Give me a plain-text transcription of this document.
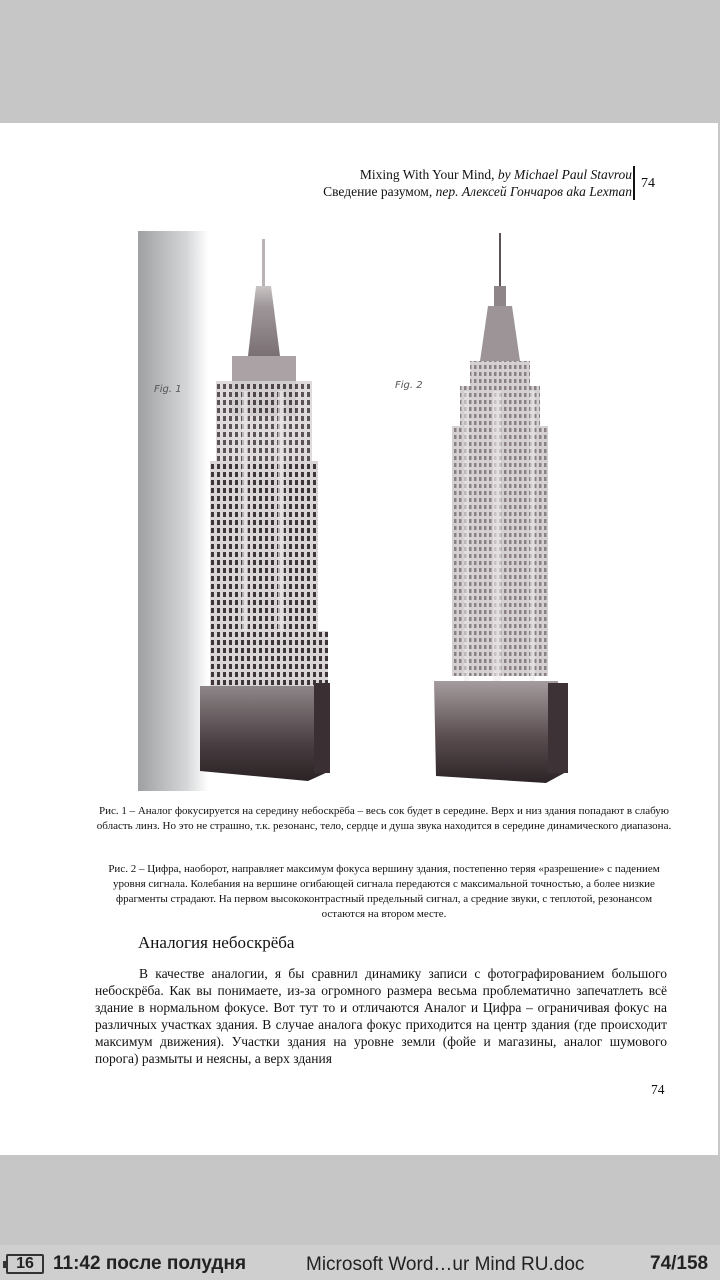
Mixing With Your Mind, by Michael Paul Stavrou
Сведение разумом, пер. Алексей Гончаров aka Lexman
74
Fig. 1	Fig. 2
Рис. 1 – Аналог фокусируется на середину небоскрёба – весь сок будет в середине. Верх и низ здания попадают в слабую область линз. Но это не страшно, т.к. резонанс, тело, сердце и душа звука находится в середине динамического диапазона.
Рис. 2 – Цифра, наоборот, направляет максимум фокуса вершину здания, постепенно теряя «разрешение» с падением уровня сигнала. Колебания на вершине огибающей сигнала передаются с максимальной точностью, а более низкие фрагменты страдают. На первом высококонтрастный предельный сигнал, а средние звуки, с теплотой, резонансом остаются на втором месте.
Аналогия небоскрёба
В качестве аналогии, я бы сравнил динамику записи с фотографированием большого небоскрёба. Как вы понимаете, из-за огромного размера весьма проблематично запечатлеть всё здание в нормальном фокусе. Вот тут то и отличаются Аналог и Цифра – ограничивая фокус на различных участках здания. В случае аналога фокус приходится на центр здания (где происходит максимум движения). Участки здания на уровне земли (фойе и магазины, аналог шумового порога) размыты и неясны, а верх здания
74
16	11:42 после полудня	Microsoft Word…ur Mind RU.doc	74/158
